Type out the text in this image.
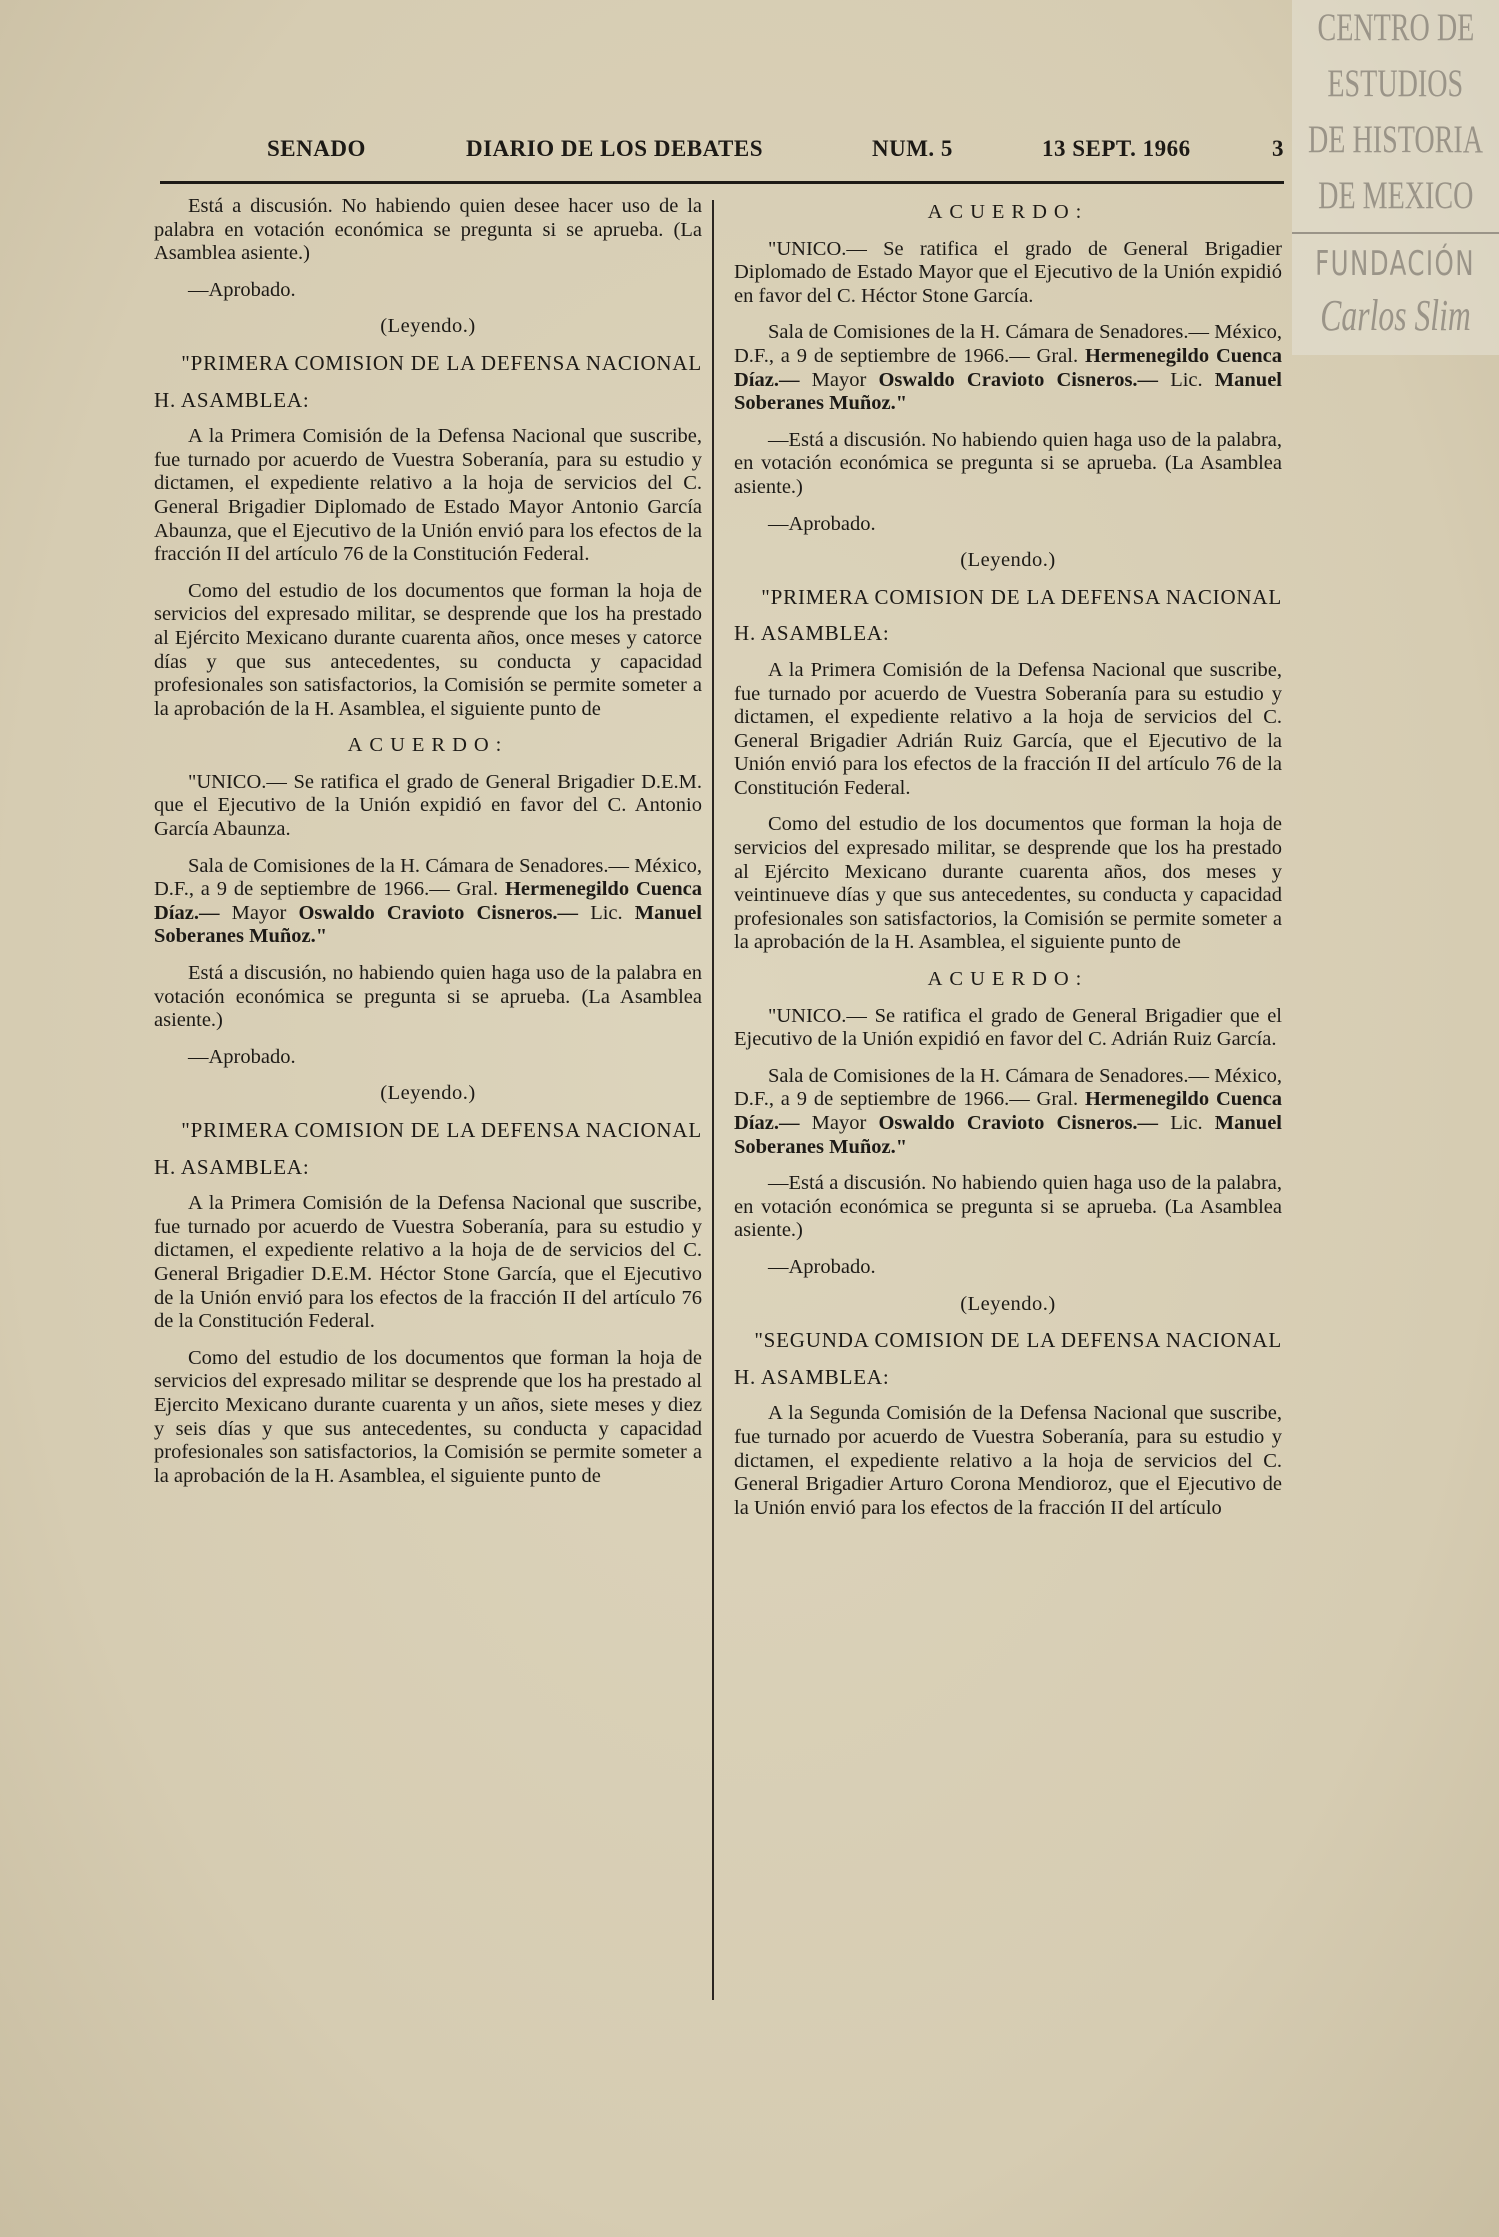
CENTRO DE
ESTUDIOS
DE HISTORIA
DE MEXICO
FUNDACIÓN
Carlos Slim
SENADO	DIARIO DE LOS DEBATES	NUM. 5	13 SEPT. 1966	3
Está a discusión. No habiendo quien desee hacer uso de la palabra en votación económica se pregunta si se aprueba. (La Asamblea asiente.)
—Aprobado.
(Leyendo.)
"PRIMERA COMISION DE LA DEFENSA NACIONAL
H. ASAMBLEA:
A la Primera Comisión de la Defensa Nacional que suscribe, fue turnado por acuerdo de Vuestra Soberanía, para su estudio y dictamen, el expediente relativo a la hoja de servicios del C. General Brigadier Diplomado de Estado Mayor Antonio García Abaunza, que el Ejecutivo de la Unión envió para los efectos de la fracción II del artículo 76 de la Constitución Federal.
Como del estudio de los documentos que forman la hoja de servicios del expresado militar, se desprende que los ha prestado al Ejército Mexicano durante cuarenta años, once meses y catorce días y que sus antecedentes, su conducta y capacidad profesionales son satisfactorios, la Comisión se permite someter a la aprobación de la H. Asamblea, el siguiente punto de
ACUERDO:
"UNICO.— Se ratifica el grado de General Brigadier D.E.M. que el Ejecutivo de la Unión expidió en favor del C. Antonio García Abaunza.
Sala de Comisiones de la H. Cámara de Senadores.— México, D.F., a 9 de septiembre de 1966.— Gral. Hermenegildo Cuenca Díaz.— Mayor Oswaldo Cravioto Cisneros.— Lic. Manuel Soberanes Muñoz."
Está a discusión, no habiendo quien haga uso de la palabra en votación económica se pregunta si se aprueba. (La Asamblea asiente.)
—Aprobado.
(Leyendo.)
"PRIMERA COMISION DE LA DEFENSA NACIONAL
H. ASAMBLEA:
A la Primera Comisión de la Defensa Nacional que suscribe, fue turnado por acuerdo de Vuestra Soberanía, para su estudio y dictamen, el expediente relativo a la hoja de de servicios del C. General Brigadier D.E.M. Héctor Stone García, que el Ejecutivo de la Unión envió para los efectos de la fracción II del artículo 76 de la Constitución Federal.
Como del estudio de los documentos que forman la hoja de servicios del expresado militar se desprende que los ha prestado al Ejercito Mexicano durante cuarenta y un años, siete meses y diez y seis días y que sus antecedentes, su conducta y capacidad profesionales son satisfactorios, la Comisión se permite someter a la aprobación de la H. Asamblea, el siguiente punto de
ACUERDO:
"UNICO.— Se ratifica el grado de General Brigadier Diplomado de Estado Mayor que el Ejecutivo de la Unión expidió en favor del C. Héctor Stone García.
Sala de Comisiones de la H. Cámara de Senadores.— México, D.F., a 9 de septiembre de 1966.— Gral. Hermenegildo Cuenca Díaz.— Mayor Oswaldo Cravioto Cisneros.— Lic. Manuel Soberanes Muñoz."
—Está a discusión. No habiendo quien haga uso de la palabra, en votación económica se pregunta si se aprueba. (La Asamblea asiente.)
—Aprobado.
(Leyendo.)
"PRIMERA COMISION DE LA DEFENSA NACIONAL
H. ASAMBLEA:
A la Primera Comisión de la Defensa Nacional que suscribe, fue turnado por acuerdo de Vuestra Soberanía para su estudio y dictamen, el expediente relativo a la hoja de servicios del C. General Brigadier Adrián Ruiz García, que el Ejecutivo de la Unión envió para los efectos de la fracción II del artículo 76 de la Constitución Federal.
Como del estudio de los documentos que forman la hoja de servicios del expresado militar, se desprende que los ha prestado al Ejército Mexicano durante cuarenta años, dos meses y veintinueve días y que sus antecedentes, su conducta y capacidad profesionales son satisfactorios, la Comisión se permite someter a la aprobación de la H. Asamblea, el siguiente punto de
ACUERDO:
"UNICO.— Se ratifica el grado de General Brigadier que el Ejecutivo de la Unión expidió en favor del C. Adrián Ruiz García.
Sala de Comisiones de la H. Cámara de Senadores.— México, D.F., a 9 de septiembre de 1966.— Gral. Hermenegildo Cuenca Díaz.— Mayor Oswaldo Cravioto Cisneros.— Lic. Manuel Soberanes Muñoz."
—Está a discusión. No habiendo quien haga uso de la palabra, en votación económica se pregunta si se aprueba. (La Asamblea asiente.)
—Aprobado.
(Leyendo.)
"SEGUNDA COMISION DE LA DEFENSA NACIONAL
H. ASAMBLEA:
A la Segunda Comisión de la Defensa Nacional que suscribe, fue turnado por acuerdo de Vuestra Soberanía, para su estudio y dictamen, el expediente relativo a la hoja de servicios del C. General Brigadier Arturo Corona Mendioroz, que el Ejecutivo de la Unión envió para los efectos de la fracción II del artículo
